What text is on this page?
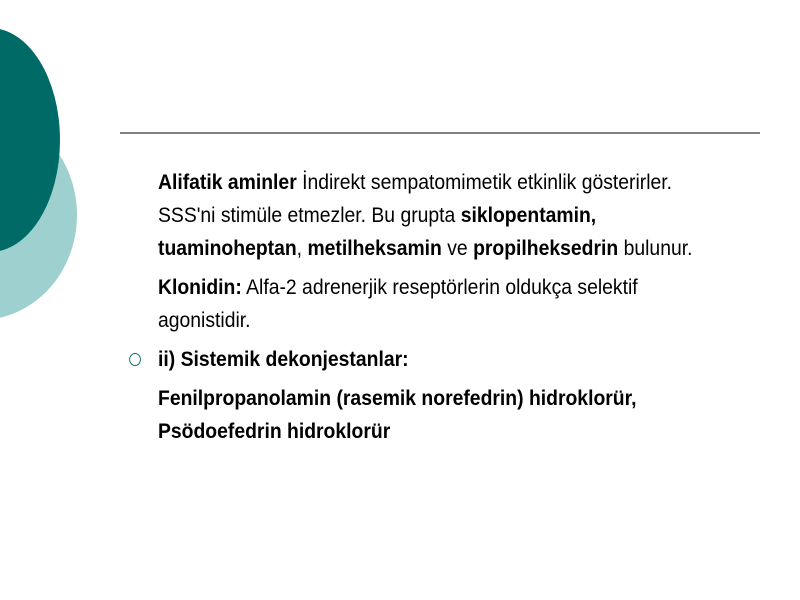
Alifatik aminler İndirekt sempatomimetik etkinlik gösterirler. SSS'ni stimüle etmezler. Bu grupta siklopentamin, tuaminoheptan, metilheksamin ve propilheksedrin bulunur.
Klonidin: Alfa-2 adrenerjik reseptörlerin oldukça selektif agonistidir.
ii) Sistemik dekonjestanlar:
Fenilpropanolamin (rasemik norefedrin) hidroklorür, Psödoefedrin hidroklorür
